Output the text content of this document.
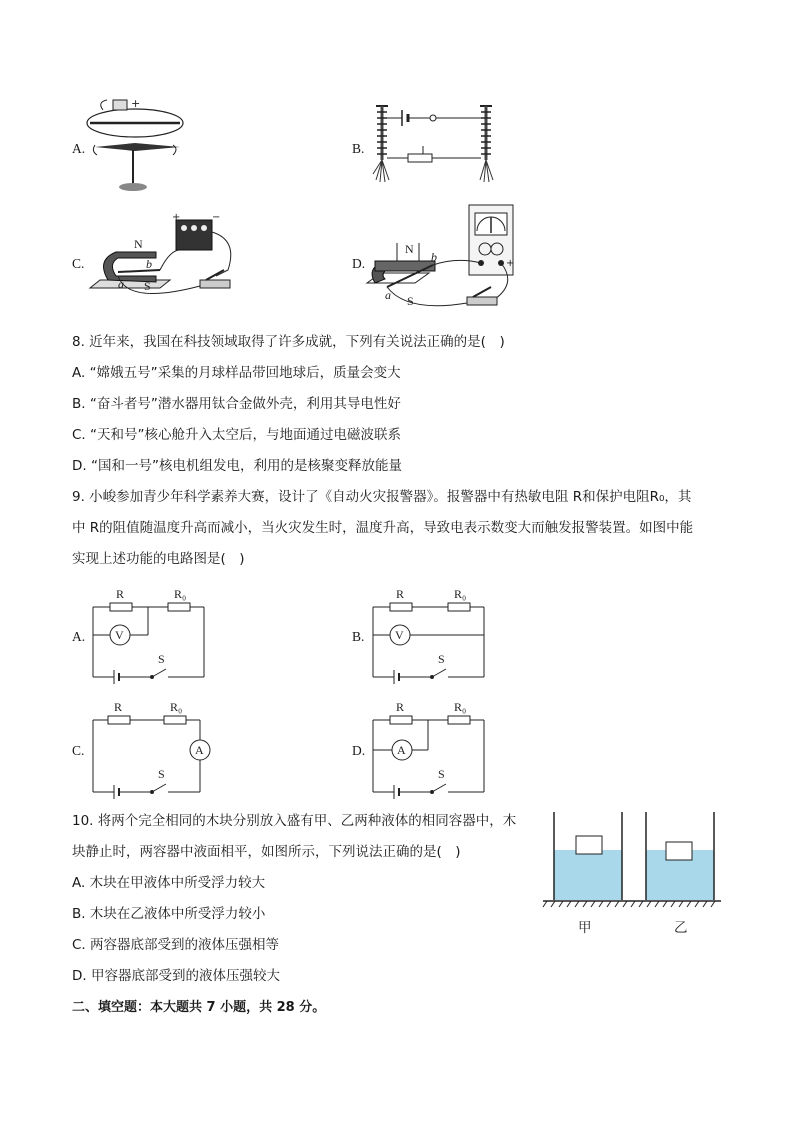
A.
+
B.
C.
+	−
N
S
a
b	D.	+
N
S
a
b
8. 近年来，我国在科技领域取得了许多成就，下列有关说法正确的是(　)
A. “嫦娥五号”采集的月球样品带回地球后，质量会变大
B. “奋斗者号”潜水器用钛合金做外壳，利用其导电性好
C. “天和号”核心舱升入太空后，与地面通过电磁波联系
D. “国和一号”核电机组发电，利用的是核聚变释放能量
9. 小峻参加青少年科学素养大赛，设计了《自动火灾报警器》。报警器中有热敏电阻 R和保护电阻R₀，其
中 R的阻值随温度升高而减小，当火灾发生时，温度升高，导致电表示数变大而触发报警装置。如图中能
实现上述功能的电路图是(　)
A.
R	R₀
V
S
B.
R	R₀
V
S
C.
R	R₀
A
S
D.
R	R₀
A
S
10. 将两个完全相同的木块分别放入盛有甲、乙两种液体的相同容器中，木
块静止时，两容器中液面相平，如图所示，下列说法正确的是(　)
A. 木块在甲液体中所受浮力较大
B. 木块在乙液体中所受浮力较小
C. 两容器底部受到的液体压强相等
D. 甲容器底部受到的液体压强较大
甲	乙
二、填空题：本大题共 7 小题，共 28 分。
